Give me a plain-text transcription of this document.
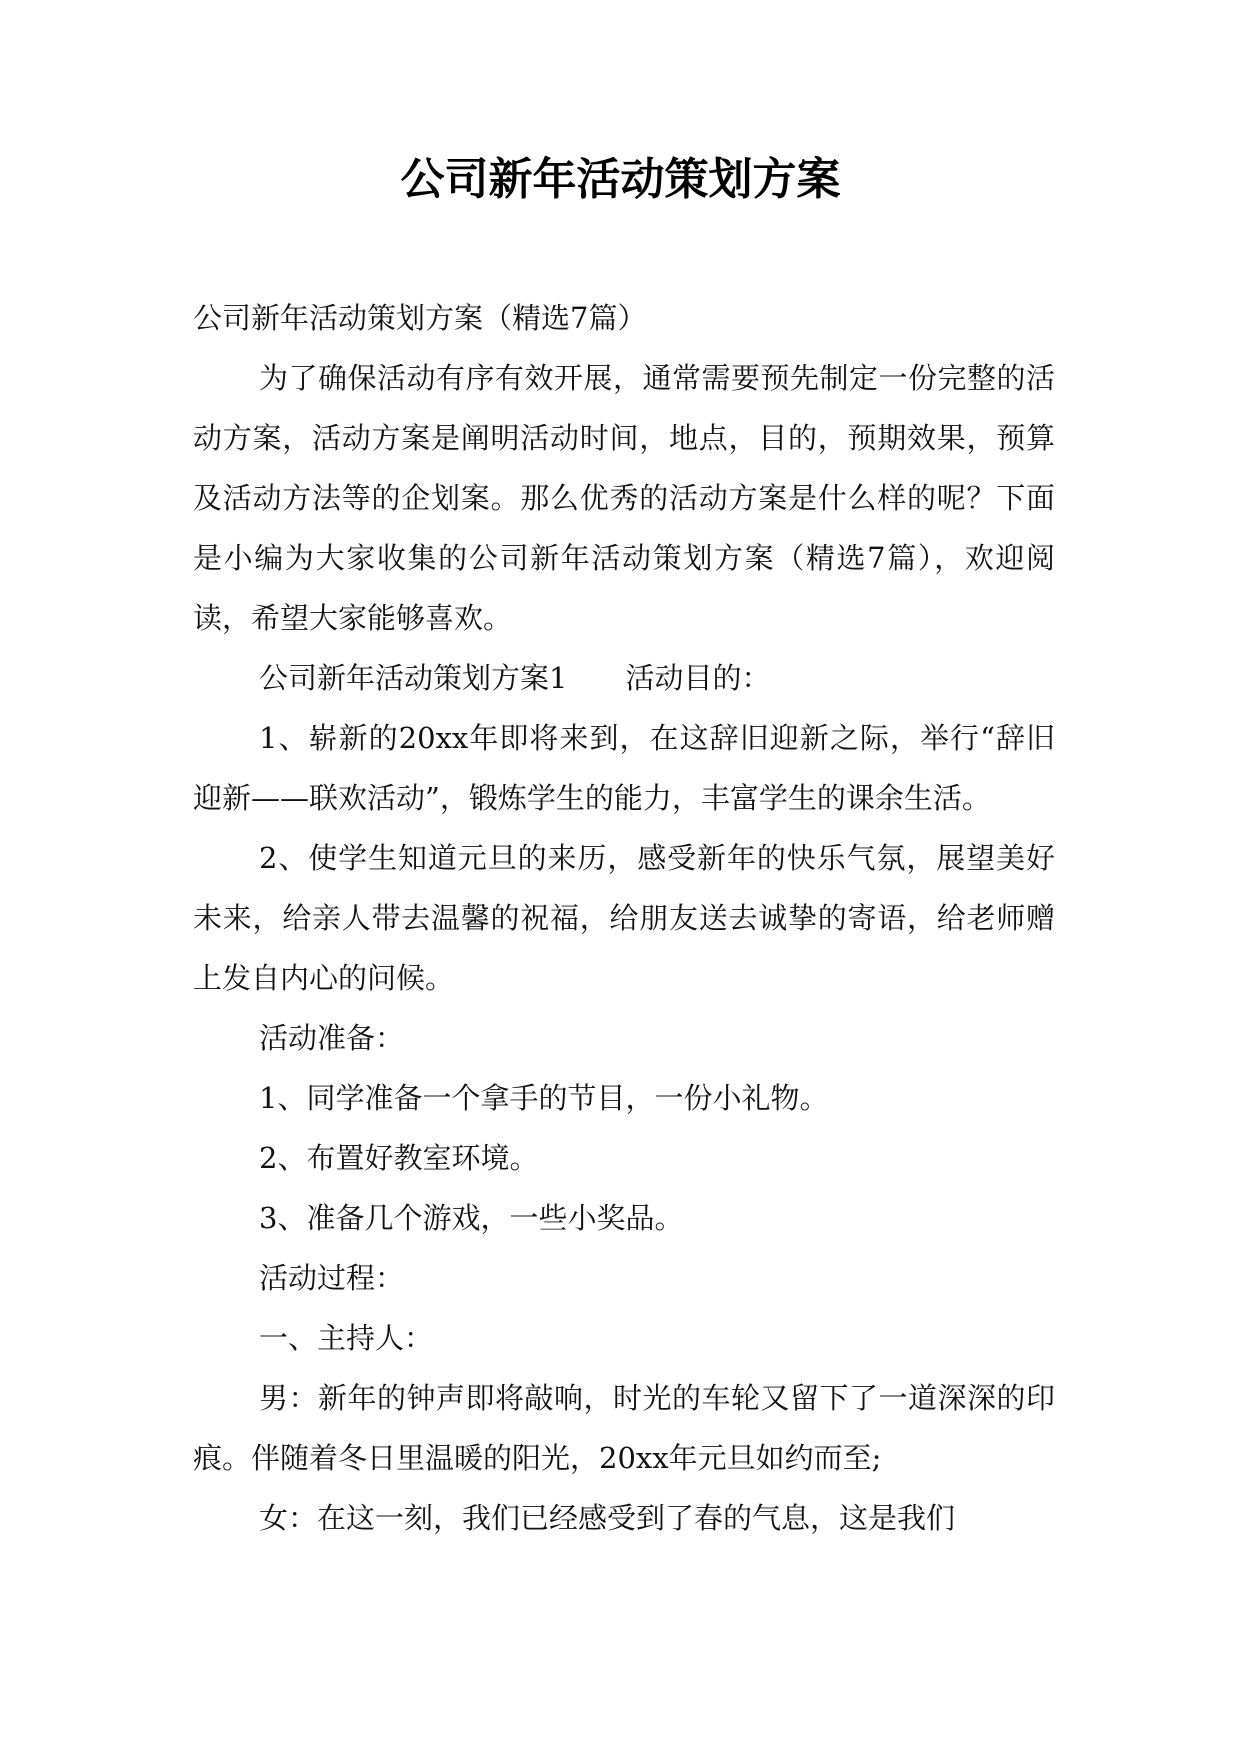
公司新年活动策划方案

公司新年活动策划方案（精选7篇）

为了确保活动有序有效开展，通常需要预先制定一份完整的活动方案，活动方案是阐明活动时间，地点，目的，预期效果，预算及活动方法等的企划案。那么优秀的活动方案是什么样的呢？下面是小编为大家收集的公司新年活动策划方案（精选7篇），欢迎阅读，希望大家能够喜欢。

公司新年活动策划方案1 活动目的：

1、崭新的20xx年即将来到，在这辞旧迎新之际，举行“辞旧迎新——联欢活动”，锻炼学生的能力，丰富学生的课余生活。

2、使学生知道元旦的来历，感受新年的快乐气氛，展望美好未来，给亲人带去温馨的祝福，给朋友送去诚挚的寄语，给老师赠上发自内心的问候。

活动准备：

1、同学准备一个拿手的节目，一份小礼物。

2、布置好教室环境。

3、准备几个游戏，一些小奖品。

活动过程：

一、主持人：

男：新年的钟声即将敲响，时光的车轮又留下了一道深深的印痕。伴随着冬日里温暖的阳光，20xx年元旦如约而至;

女：在这一刻，我们已经感受到了春的气息，这是我们
